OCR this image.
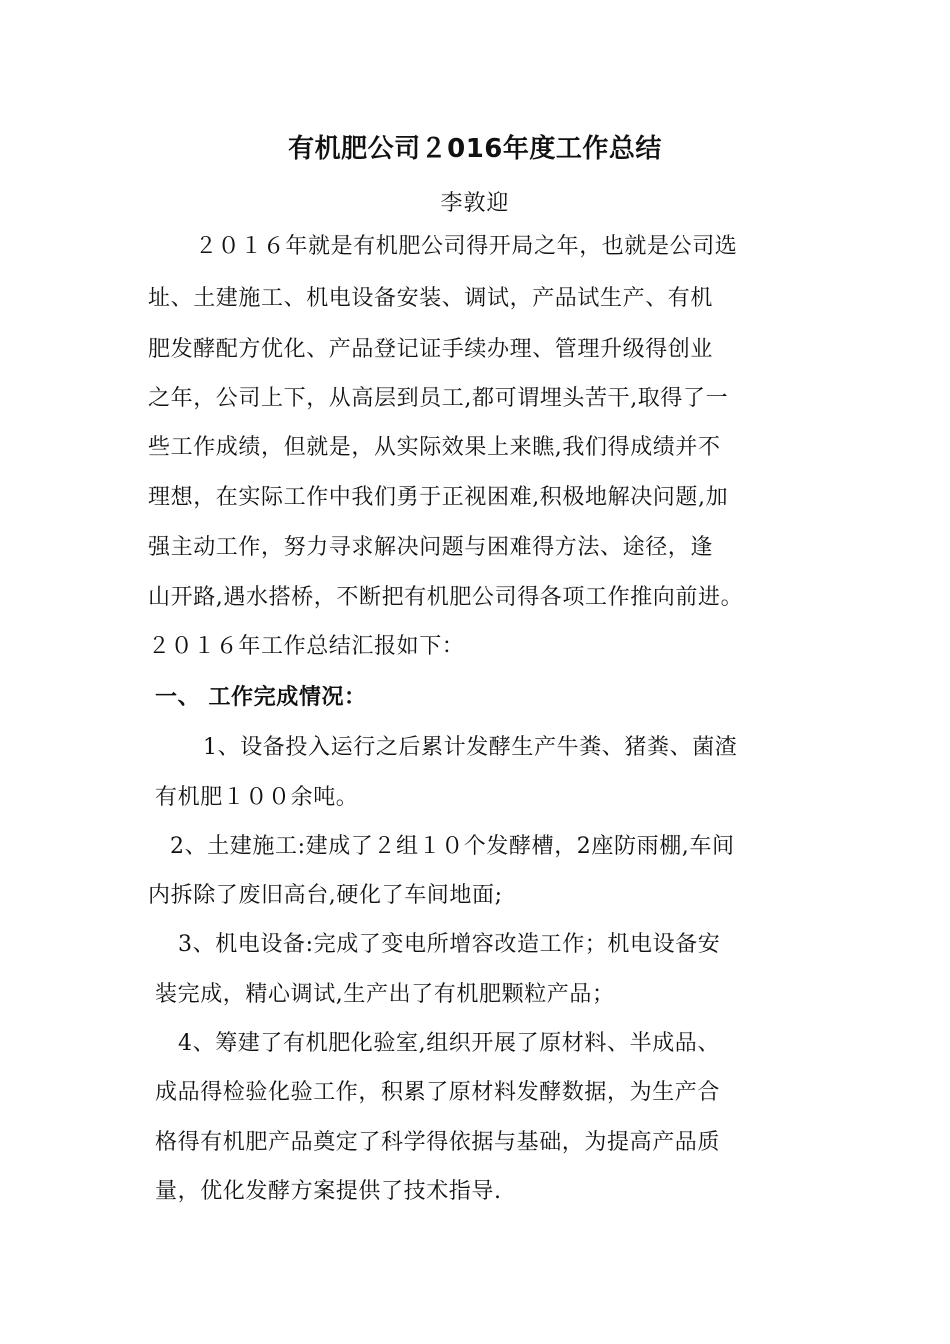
有机肥公司２016年度工作总结
李敦迎
２０１６年就是有机肥公司得开局之年，也就是公司选
址、土建施工、机电设备安装、调试，产品试生产、有机
肥发酵配方优化、产品登记证手续办理、管理升级得创业
之年，公司上下，从高层到员工,都可谓埋头苦干,取得了一
些工作成绩，但就是，从实际效果上来瞧,我们得成绩并不
理想，在实际工作中我们勇于正视困难,积极地解决问题,加
强主动工作，努力寻求解决问题与困难得方法、途径，逢
山开路,遇水搭桥，不断把有机肥公司得各项工作推向前进。
２０１６年工作总结汇报如下：
一、 工作完成情况：
1、设备投入运行之后累计发酵生产牛粪、猪粪、菌渣
有机肥１００余吨。
2、土建施工:建成了２组１０个发酵槽，2座防雨棚,车间
内拆除了废旧高台,硬化了车间地面;
3、机电设备:完成了变电所增容改造工作；机电设备安
装完成，精心调试,生产出了有机肥颗粒产品；
4、筹建了有机肥化验室,组织开展了原材料、半成品、
成品得检验化验工作，积累了原材料发酵数据，为生产合
格得有机肥产品奠定了科学得依据与基础，为提高产品质
量，优化发酵方案提供了技术指导.
